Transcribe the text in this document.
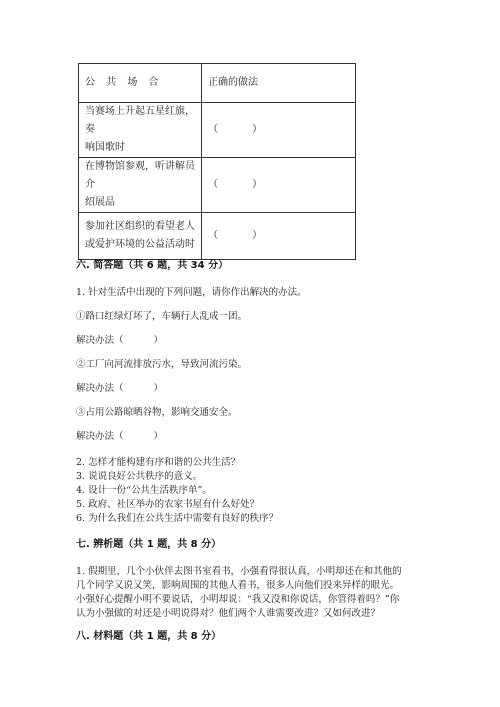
公 共 场 合	正确的做法

当赛场上升起五星红旗，奏
响国歌时	（ ）

在博物馆参观，听讲解员介
绍展品	（ ）

参加社区组织的看望老人
或爱护环境的公益活动时	（ ）
六. 简答题（共 6 题，共 34 分）
1. 针对生活中出现的下列问题，请你作出解决的办法。
①路口红绿灯坏了，车辆行人乱成一团。
解决办法（	）
②工厂向河流排放污水，导致河流污染。
解决办法（	）
③占用公路晾晒谷物，影响交通安全。
解决办法（	）
2. 怎样才能构建有序和谐的公共生活？
3. 说说良好公共秩序的意义。
4. 设计一份“公共生活秩序单”。
5. 政府、社区举办的农家书屋有什么好处？
6. 为什么我们在公共生活中需要有良好的秩序？
七. 辨析题（共 1 题，共 8 分）
1. 假期里，几个小伙伴去图书室看书，小强看得很认真，小明却还在和其他的
几个同学又说又笑，影响周围的其他人看书，很多人向他们投来异样的眼光。
小强好心提醒小明不要说话，小明却说：“我又没和你说话，你管得着吗？”你
认为小强做的对还是小明说得对？他们两个人谁需要改进？又如何改进？
八. 材料题（共 1 题，共 8 分）
